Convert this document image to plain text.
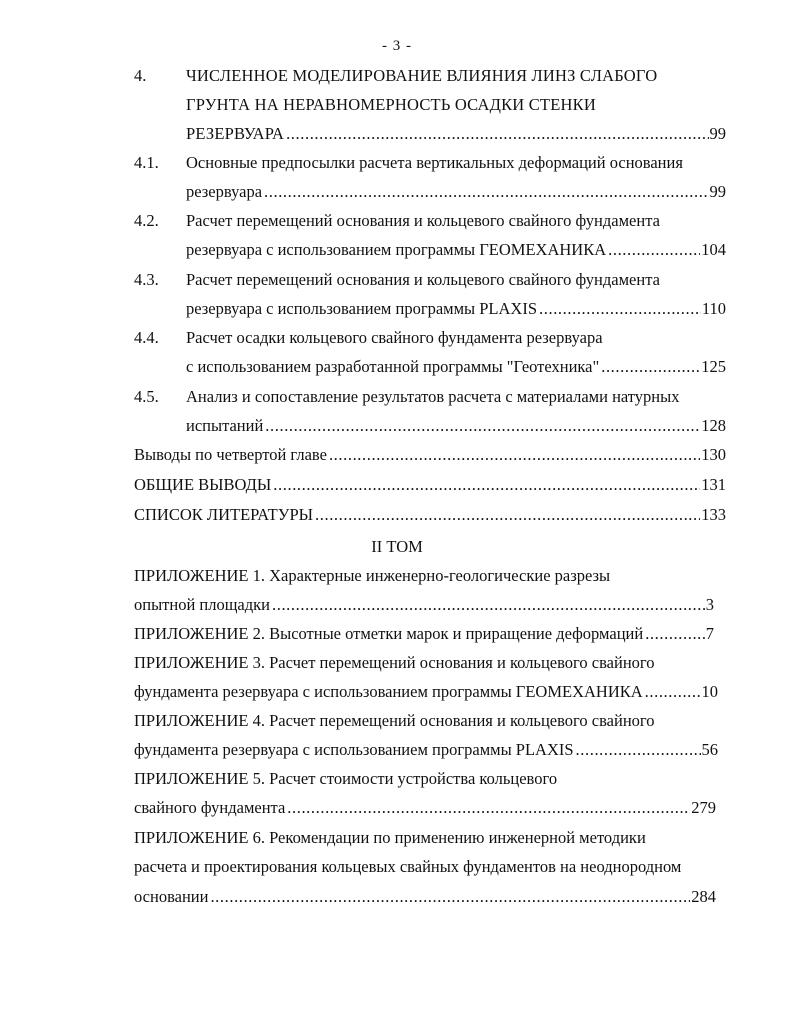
- 3 -
4. ЧИСЛЕННОЕ МОДЕЛИРОВАНИЕ ВЛИЯНИЯ ЛИНЗ СЛАБОГО
ГРУНТА НА НЕРАВНОМЕРНОСТЬ ОСАДКИ СТЕНКИ
РЕЗЕРВУАРА .....	99
4.1. Основные предпосылки расчета вертикальных деформаций основания
резервуара .....	99
4.2. Расчет перемещений основания и кольцевого свайного фундамента
резервуара с использованием программы ГЕОМЕХАНИКА .....	104
4.3. Расчет перемещений основания и кольцевого свайного фундамента
резервуара с использованием программы PLAXIS .....	110
4.4. Расчет осадки кольцевого свайного фундамента резервуара
с использованием разработанной программы "Геотехника" .....	125
4.5. Анализ и сопоставление результатов расчета с материалами натурных
испытаний .....	128
Выводы по четвертой главе .....	130
ОБЩИЕ ВЫВОДЫ .....	131
СПИСОК ЛИТЕРАТУРЫ .....	133
II ТОМ
ПРИЛОЖЕНИЕ 1. Характерные инженерно-геологические разрезы
опытной площадки .....	3
ПРИЛОЖЕНИЕ 2. Высотные отметки марок и приращение деформаций .....	7
ПРИЛОЖЕНИЕ 3. Расчет перемещений основания и кольцевого свайного
фундамента резервуара с использованием программы ГЕОМЕХАНИКА .....	10
ПРИЛОЖЕНИЕ 4. Расчет перемещений основания и кольцевого свайного
фундамента резервуара с использованием программы PLAXIS .....	56
ПРИЛОЖЕНИЕ 5. Расчет стоимости устройства кольцевого
свайного фундамента .....	279
ПРИЛОЖЕНИЕ 6. Рекомендации по применению инженерной методики
расчета и проектирования кольцевых свайных фундаментов на неоднородном
основании .....	284
